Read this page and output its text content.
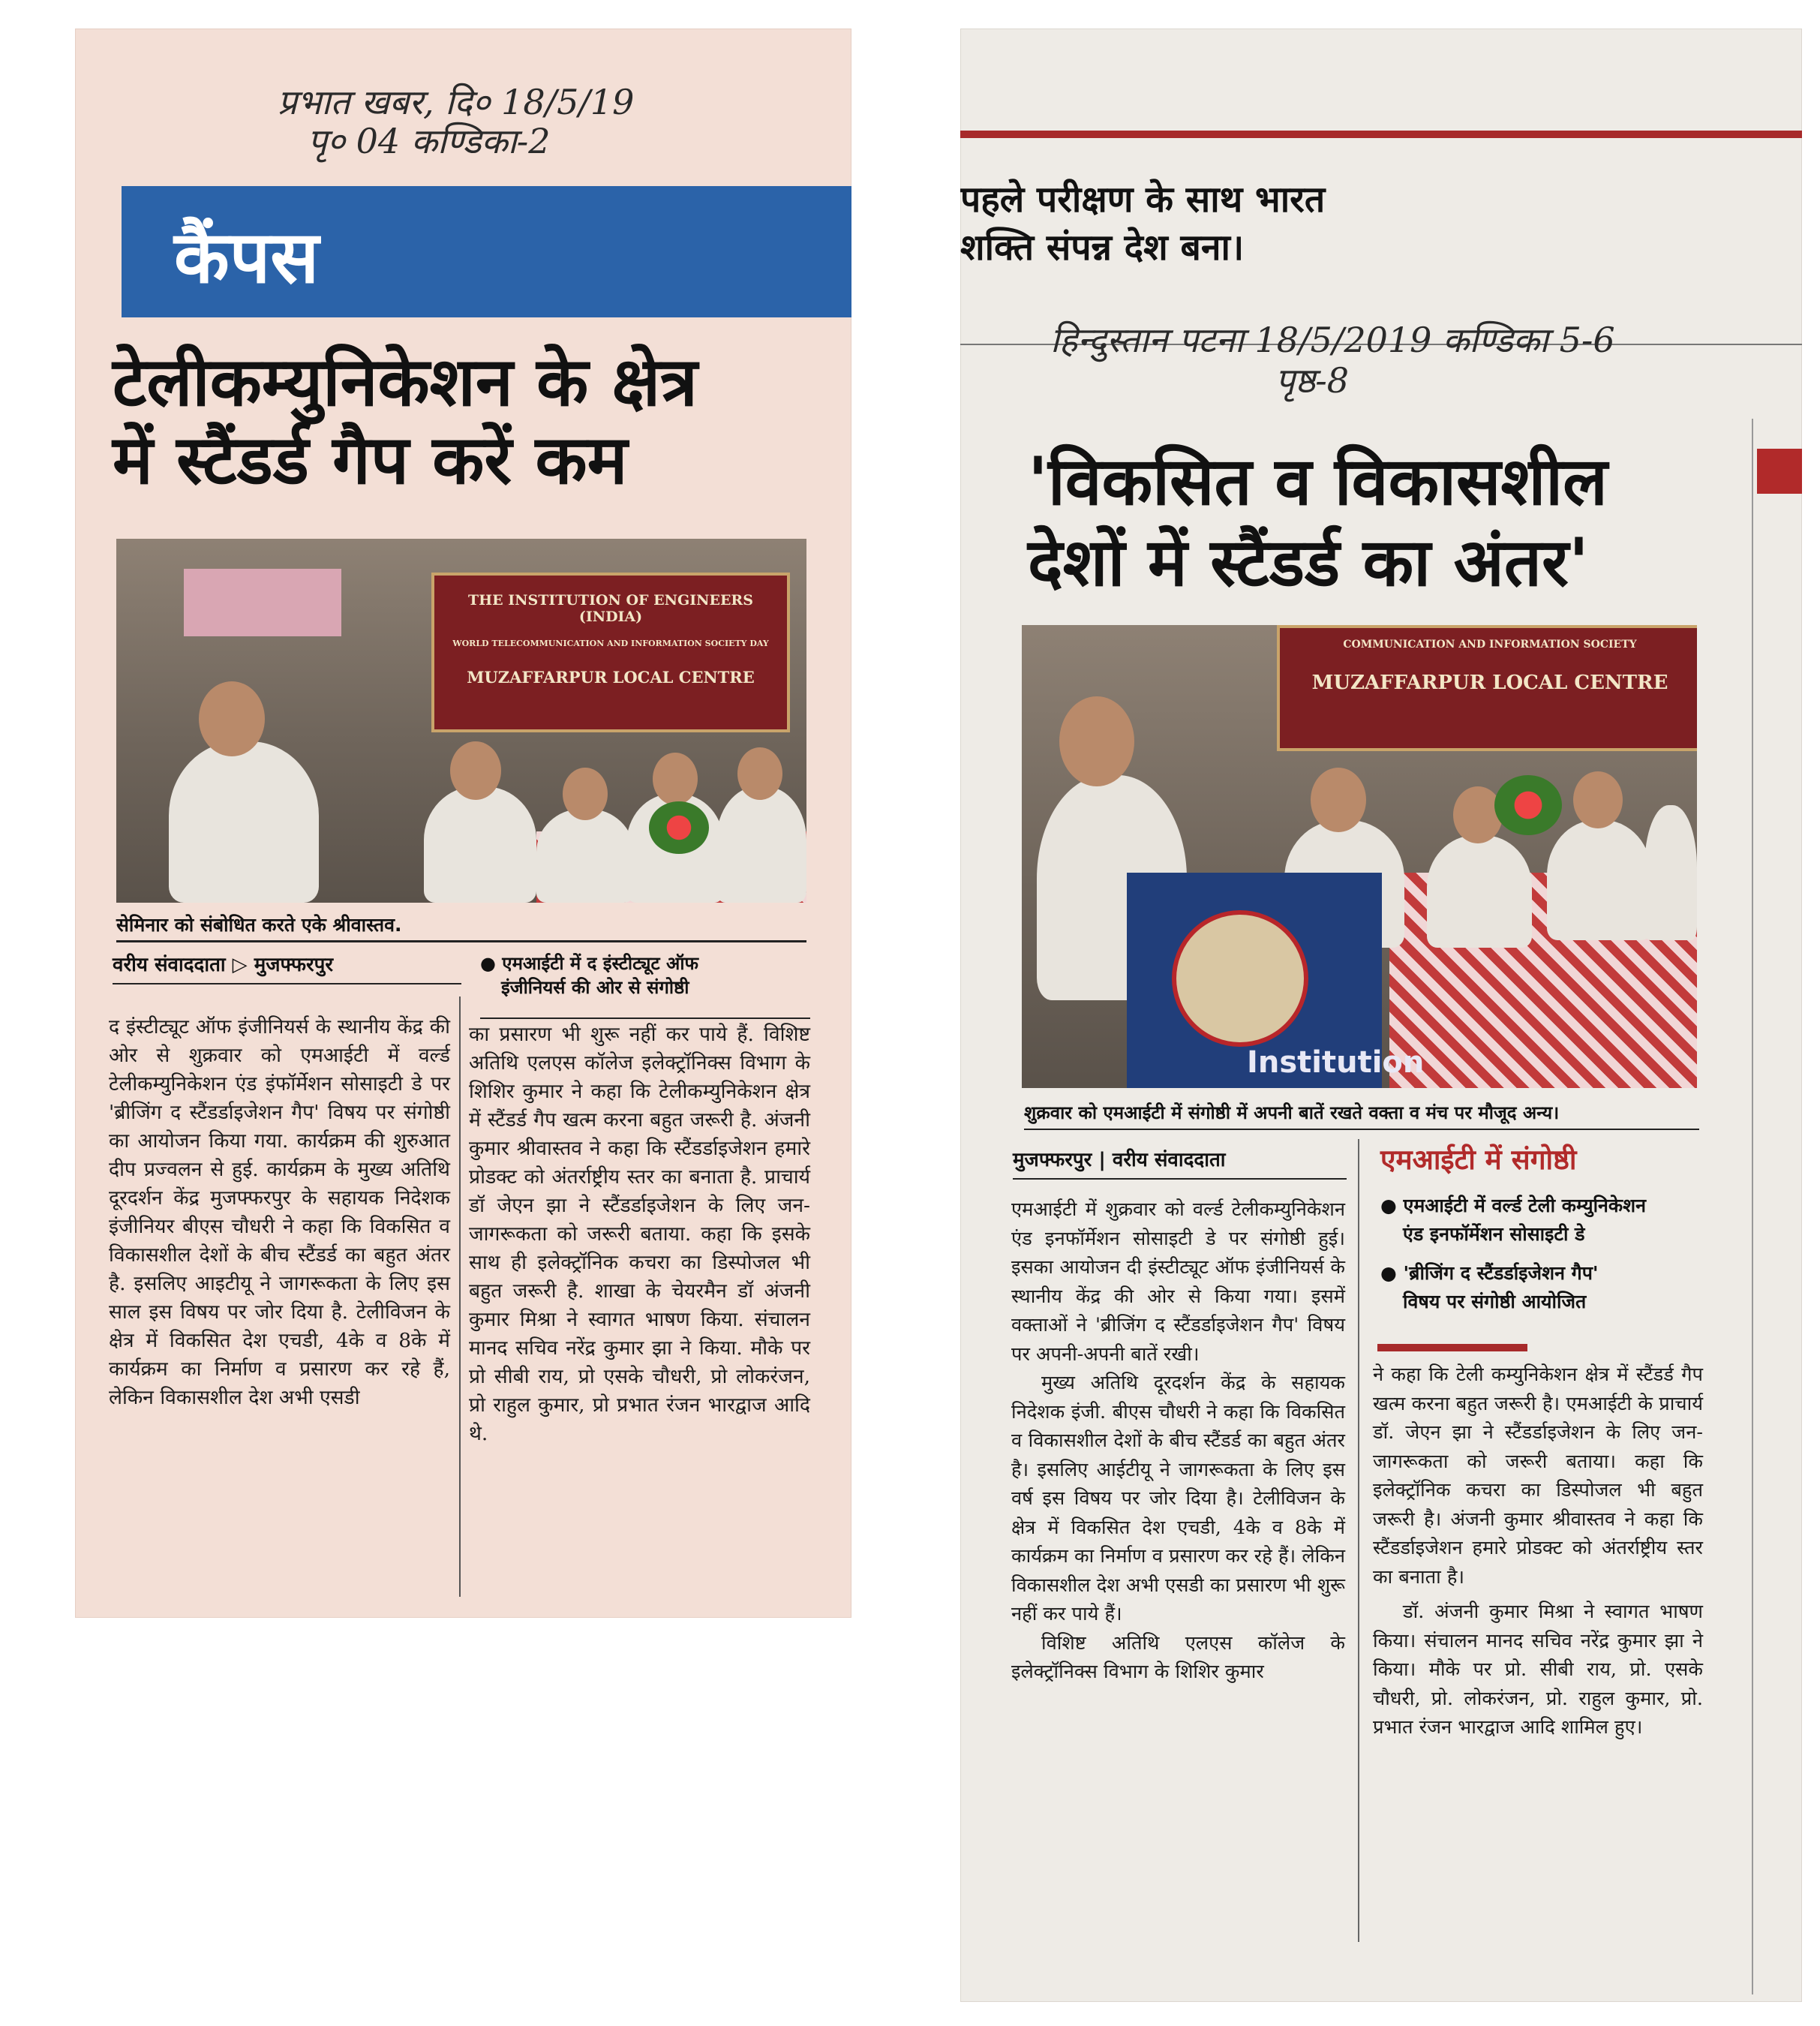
प्रभात खबर, दि० 18/5/19
पृ० 04 कण्डिका-2
कैंपस
टेलीकम्युनिकेशन के क्षेत्र
में स्टैंडर्ड गैप करें कम
THE INSTITUTION OF ENGINEERS (INDIA)
WORLD TELECOMMUNICATION AND INFORMATION SOCIETY DAY
MUZAFFARPUR LOCAL CENTRE
सेमिनार को संबोधित करते एके श्रीवास्तव.
वरीय संवाददाता ▷ मुजफ्फरपुर	● एमआईटी में द इंस्टीट्यूट ऑफ
इंजीनियर्स की ओर से संगोष्ठी

द इंस्टीट्यूट ऑफ इंजीनियर्स के स्थानीय केंद्र की ओर से शुक्रवार को एमआईटी में वर्ल्ड टेलीकम्युनिकेशन एंड इंफॉर्मेशन सोसाइटी डे पर 'ब्रीजिंग द स्टैंडर्डाइजेशन गैप' विषय पर संगोष्ठी का आयोजन किया गया. कार्यक्रम की शुरुआत दीप प्रज्वलन से हुई. कार्यक्रम के मुख्य अतिथि दूरदर्शन केंद्र मुजफ्फरपुर के सहायक निदेशक इंजीनियर बीएस चौधरी ने कहा कि विकसित व विकासशील देशों के बीच स्टैंडर्ड का बहुत अंतर है. इसलिए आइटीयू ने जागरूकता के लिए इस साल इस विषय पर जोर दिया है. टेलीविजन के क्षेत्र में विकसित देश एचडी, 4के व 8के में कार्यक्रम का निर्माण व प्रसारण कर रहे हैं, लेकिन विकासशील देश अभी एसडी

का प्रसारण भी शुरू नहीं कर पाये हैं. विशिष्ट अतिथि एलएस कॉलेज इलेक्ट्रॉनिक्स विभाग के शिशिर कुमार ने कहा कि टेलीकम्युनिकेशन क्षेत्र में स्टैंडर्ड गैप खत्म करना बहुत जरूरी है. अंजनी कुमार श्रीवास्तव ने कहा कि स्टैंडर्डाइजेशन हमारे प्रोडक्ट को अंतर्राष्ट्रीय स्तर का बनाता है. प्राचार्य डॉ जेएन झा ने स्टैंडर्डाइजेशन के लिए जन-जागरूकता को जरूरी बताया. कहा कि इसके साथ ही इलेक्ट्रॉनिक कचरा का डिस्पोजल भी बहुत जरूरी है. शाखा के चेयरमैन डॉ अंजनी कुमार मिश्रा ने स्वागत भाषण किया. संचालन मानद सचिव नरेंद्र कुमार झा ने किया. मौके पर प्रो सीबी राय, प्रो एसके चौधरी, प्रो लोकरंजन, प्रो राहुल कुमार, प्रो प्रभात रंजन भारद्वाज आदि थे.

पहले परीक्षण के साथ भारत
शक्ति संपन्न देश बना।
हिन्दुस्तान पटना 18/5/2019 कण्डिका 5-6
पृष्ठ-8
'विकसित व विकासशील
देशों में स्टैंडर्ड का अंतर'
COMMUNICATION AND INFORMATION SOCIETY
MUZAFFARPUR LOCAL CENTRE
Institution
शुक्रवार को एमआईटी में संगोष्ठी में अपनी बातें रखते वक्ता व मंच पर मौजूद अन्य।
मुजफ्फरपुर | वरीय संवाददाता	एमआईटी में संगोष्ठी
● एमआईटी में वर्ल्ड टेली कम्युनिकेशन
एंड इनफॉर्मेशन सोसाइटी डे
● 'ब्रीजिंग द स्टैंडर्डाइजेशन गैप'
विषय पर संगोष्ठी आयोजित

एमआईटी में शुक्रवार को वर्ल्ड टेलीकम्युनिकेशन एंड इनफॉर्मेशन सोसाइटी डे पर संगोष्ठी हुई। इसका आयोजन दी इंस्टीट्यूट ऑफ इंजीनियर्स के स्थानीय केंद्र की ओर से किया गया। इसमें वक्ताओं ने 'ब्रीजिंग द स्टैंडर्डाइजेशन गैप' विषय पर अपनी-अपनी बातें रखी।

मुख्य अतिथि दूरदर्शन केंद्र के सहायक निदेशक इंजी. बीएस चौधरी ने कहा कि विकसित व विकासशील देशों के बीच स्टैंडर्ड का बहुत अंतर है। इसलिए आईटीयू ने जागरूकता के लिए इस वर्ष इस विषय पर जोर दिया है। टेलीविजन के क्षेत्र में विकसित देश एचडी, 4के व 8के में कार्यक्रम का निर्माण व प्रसारण कर रहे हैं। लेकिन विकासशील देश अभी एसडी का प्रसारण भी शुरू नहीं कर पाये हैं।

विशिष्ट अतिथि एलएस कॉलेज के इलेक्ट्रॉनिक्स विभाग के शिशिर कुमार

ने कहा कि टेली कम्युनिकेशन क्षेत्र में स्टैंडर्ड गैप खत्म करना बहुत जरूरी है। एमआईटी के प्राचार्य डॉ. जेएन झा ने स्टैंडर्डाइजेशन के लिए जन-जागरूकता को जरूरी बताया। कहा कि इलेक्ट्रॉनिक कचरा का डिस्पोजल भी बहुत जरूरी है। अंजनी कुमार श्रीवास्तव ने कहा कि स्टैंडर्डाइजेशन हमारे प्रोडक्ट को अंतर्राष्ट्रीय स्तर का बनाता है।

डॉ. अंजनी कुमार मिश्रा ने स्वागत भाषण किया। संचालन मानद सचिव नरेंद्र कुमार झा ने किया। मौके पर प्रो. सीबी राय, प्रो. एसके चौधरी, प्रो. लोकरंजन, प्रो. राहुल कुमार, प्रो. प्रभात रंजन भारद्वाज आदि शामिल हुए।
